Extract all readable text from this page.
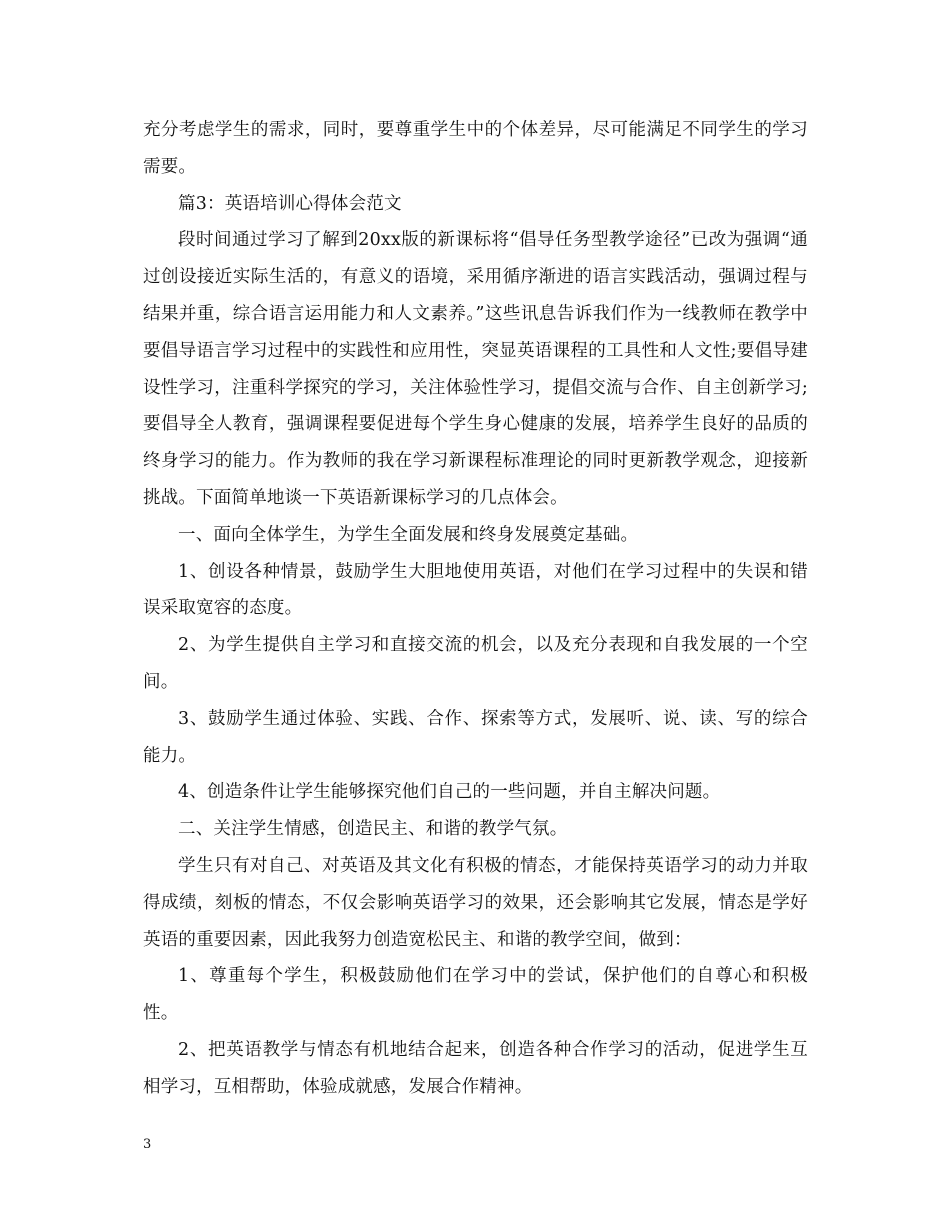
充分考虑学生的需求，同时，要尊重学生中的个体差异，尽可能满足不同学生的学习需要。

篇3：英语培训心得体会范文

段时间通过学习了解到20xx版的新课标将“倡导任务型教学途径”已改为强调“通过创设接近实际生活的，有意义的语境，采用循序渐进的语言实践活动，强调过程与结果并重，综合语言运用能力和人文素养。”这些讯息告诉我们作为一线教师在教学中要倡导语言学习过程中的实践性和应用性，突显英语课程的工具性和人文性;要倡导建设性学习，注重科学探究的学习，关注体验性学习，提倡交流与合作、自主创新学习;要倡导全人教育，强调课程要促进每个学生身心健康的发展，培养学生良好的品质的终身学习的能力。作为教师的我在学习新课程标准理论的同时更新教学观念，迎接新挑战。下面简单地谈一下英语新课标学习的几点体会。

一、面向全体学生，为学生全面发展和终身发展奠定基础。

1、创设各种情景，鼓励学生大胆地使用英语，对他们在学习过程中的失误和错误采取宽容的态度。

2、为学生提供自主学习和直接交流的机会，以及充分表现和自我发展的一个空间。

3、鼓励学生通过体验、实践、合作、探索等方式，发展听、说、读、写的综合能力。

4、创造条件让学生能够探究他们自己的一些问题，并自主解决问题。

二、关注学生情感，创造民主、和谐的教学气氛。

学生只有对自己、对英语及其文化有积极的情态，才能保持英语学习的动力并取得成绩，刻板的情态，不仅会影响英语学习的效果，还会影响其它发展，情态是学好英语的重要因素，因此我努力创造宽松民主、和谐的教学空间，做到：

1、尊重每个学生，积极鼓励他们在学习中的尝试，保护他们的自尊心和积极性。

2、把英语教学与情态有机地结合起来，创造各种合作学习的活动，促进学生互相学习，互相帮助，体验成就感，发展合作精神。

3
